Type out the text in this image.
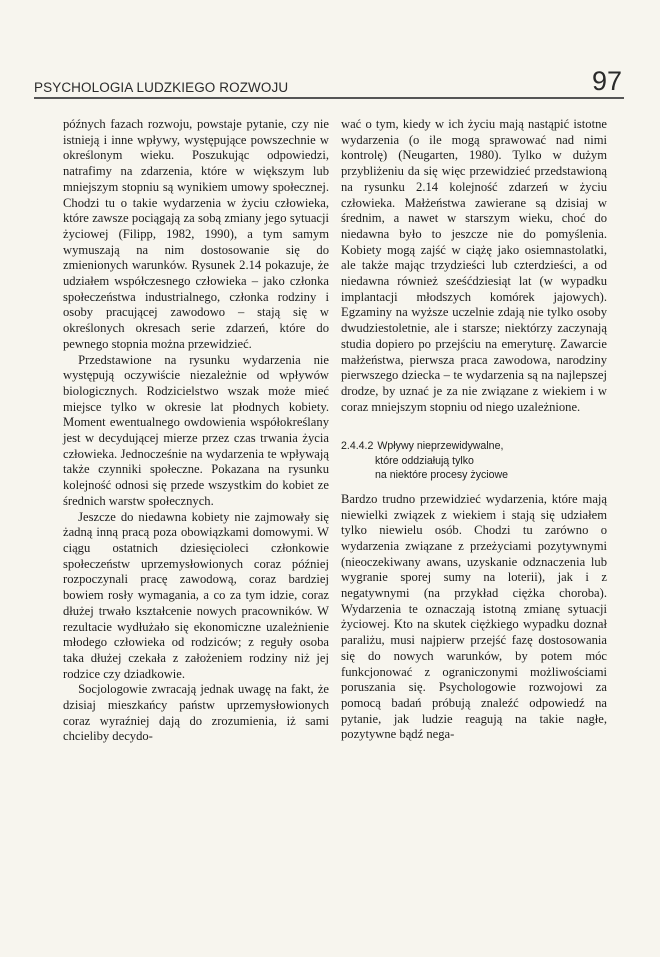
PSYCHOLOGIA LUDZKIEGO ROZWOJU	97

późnych fazach rozwoju, powstaje pytanie, czy nie istnieją i inne wpływy, występujące powszechnie w określonym wieku. Poszukując odpowiedzi, natrafimy na zdarzenia, które w większym lub mniejszym stopniu są wynikiem umowy społecznej. Chodzi tu o takie wydarzenia w życiu człowieka, które zawsze pociągają za sobą zmiany jego sytuacji życiowej (Filipp, 1982, 1990), a tym samym wymuszają na nim dostosowanie się do zmienionych warunków. Rysunek 2.14 pokazuje, że udziałem współczesnego człowieka – jako członka społeczeństwa industrialnego, członka rodziny i osoby pracującej zawodowo – stają się w określonych okresach serie zdarzeń, które do pewnego stopnia można przewidzieć.

Przedstawione na rysunku wydarzenia nie występują oczywiście niezależnie od wpływów biologicznych. Rodzicielstwo wszak może mieć miejsce tylko w okresie lat płodnych kobiety. Moment ewentualnego owdowienia współokreślany jest w decydującej mierze przez czas trwania życia człowieka. Jednocześnie na wydarzenia te wpływają także czynniki społeczne. Pokazana na rysunku kolejność odnosi się przede wszystkim do kobiet ze średnich warstw społecznych.

Jeszcze do niedawna kobiety nie zajmowały się żadną inną pracą poza obowiązkami domowymi. W ciągu ostatnich dziesięcioleci członkowie społeczeństw uprzemysłowionych coraz później rozpoczynali pracę zawodową, coraz bardziej bowiem rosły wymagania, a co za tym idzie, coraz dłużej trwało kształcenie nowych pracowników. W rezultacie wydłużało się ekonomiczne uzależnienie młodego człowieka od rodziców; z reguły osoba taka dłużej czekała z założeniem rodziny niż jej rodzice czy dziadkowie.

Socjologowie zwracają jednak uwagę na fakt, że dzisiaj mieszkańcy państw uprzemysłowionych coraz wyraźniej dają do zrozumienia, iż sami chcieliby decydo-

wać o tym, kiedy w ich życiu mają nastąpić istotne wydarzenia (o ile mogą sprawować nad nimi kontrolę) (Neugarten, 1980). Tylko w dużym przybliżeniu da się więc przewidzieć przedstawioną na rysunku 2.14 kolejność zdarzeń w życiu człowieka. Małżeństwa zawierane są dzisiaj w średnim, a nawet w starszym wieku, choć do niedawna było to jeszcze nie do pomyślenia. Kobiety mogą zajść w ciążę jako osiemnastolatki, ale także mając trzydzieści lub czterdzieści, a od niedawna również sześćdziesiąt lat (w wypadku implantacji młodszych komórek jajowych). Egzaminy na wyższe uczelnie zdają nie tylko osoby dwudziestoletnie, ale i starsze; niektórzy zaczynają studia dopiero po przejściu na emeryturę. Zawarcie małżeństwa, pierwsza praca zawodowa, narodziny pierwszego dziecka – te wydarzenia są na najlepszej drodze, by uznać je za nie związane z wiekiem i w coraz mniejszym stopniu od niego uzależnione.

2.4.4.2 Wpływy nieprzewidywalne,
które oddziałują tylko
na niektóre procesy życiowe

Bardzo trudno przewidzieć wydarzenia, które mają niewielki związek z wiekiem i stają się udziałem tylko niewielu osób. Chodzi tu zarówno o wydarzenia związane z przeżyciami pozytywnymi (nieoczekiwany awans, uzyskanie odznaczenia lub wygranie sporej sumy na loterii), jak i z negatywnymi (na przykład ciężka choroba). Wydarzenia te oznaczają istotną zmianę sytuacji życiowej. Kto na skutek ciężkiego wypadku doznał paraliżu, musi najpierw przejść fazę dostosowania się do nowych warunków, by potem móc funkcjonować z ograniczonymi możliwościami poruszania się. Psychologowie rozwojowi za pomocą badań próbują znaleźć odpowiedź na pytanie, jak ludzie reagują na takie nagłe, pozytywne bądź nega-
